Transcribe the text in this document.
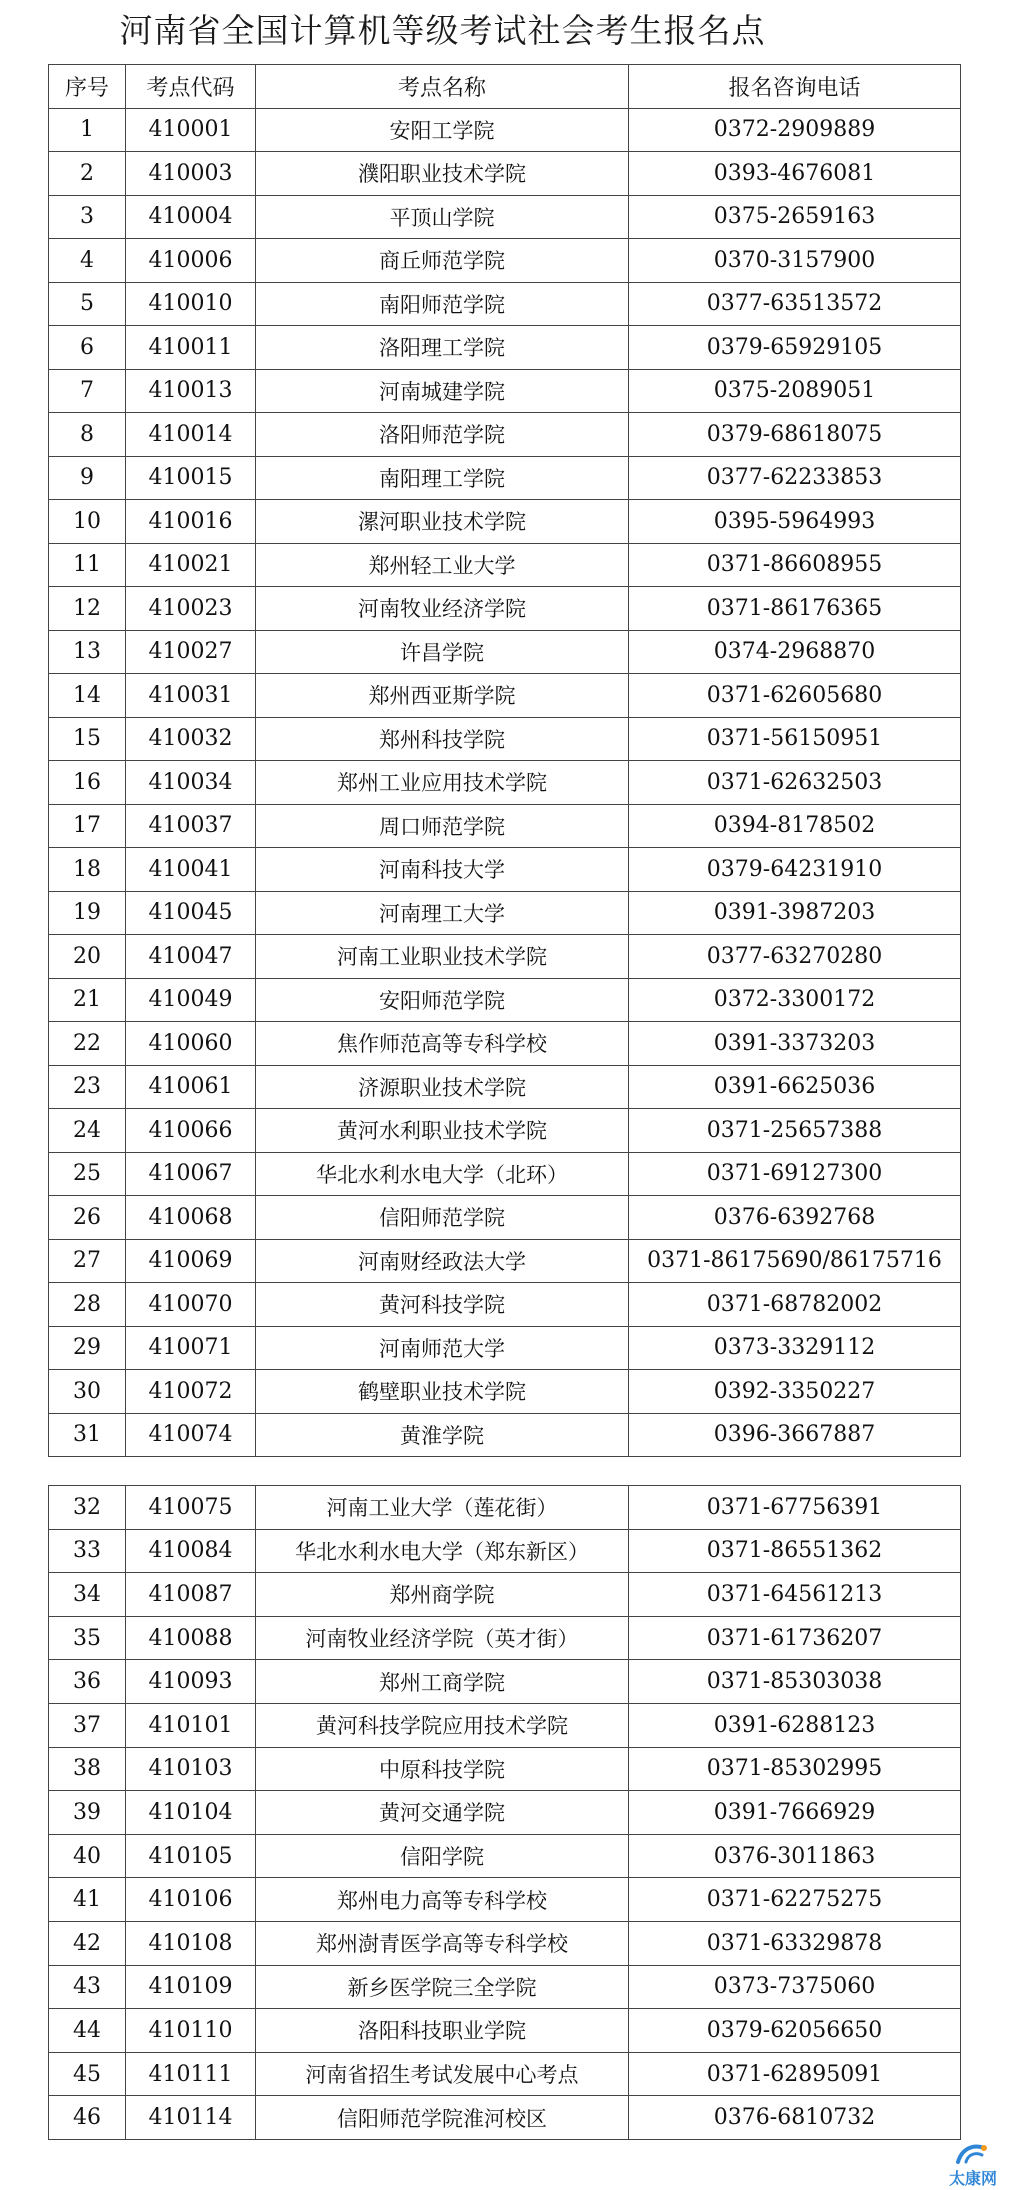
河南省全国计算机等级考试社会考生报名点
序号	考点代码	考点名称	报名咨询电话
1	410001	安阳工学院	0372-2909889
2	410003	濮阳职业技术学院	0393-4676081
3	410004	平顶山学院	0375-2659163
4	410006	商丘师范学院	0370-3157900
5	410010	南阳师范学院	0377-63513572
6	410011	洛阳理工学院	0379-65929105
7	410013	河南城建学院	0375-2089051
8	410014	洛阳师范学院	0379-68618075
9	410015	南阳理工学院	0377-62233853
10	410016	漯河职业技术学院	0395-5964993
11	410021	郑州轻工业大学	0371-86608955
12	410023	河南牧业经济学院	0371-86176365
13	410027	许昌学院	0374-2968870
14	410031	郑州西亚斯学院	0371-62605680
15	410032	郑州科技学院	0371-56150951
16	410034	郑州工业应用技术学院	0371-62632503
17	410037	周口师范学院	0394-8178502
18	410041	河南科技大学	0379-64231910
19	410045	河南理工大学	0391-3987203
20	410047	河南工业职业技术学院	0377-63270280
21	410049	安阳师范学院	0372-3300172
22	410060	焦作师范高等专科学校	0391-3373203
23	410061	济源职业技术学院	0391-6625036
24	410066	黄河水利职业技术学院	0371-25657388
25	410067	华北水利水电大学（北环）	0371-69127300
26	410068	信阳师范学院	0376-6392768
27	410069	河南财经政法大学	0371-86175690/86175716
28	410070	黄河科技学院	0371-68782002
29	410071	河南师范大学	0373-3329112
30	410072	鹤壁职业技术学院	0392-3350227
31	410074	黄淮学院	0396-3667887
32	410075	河南工业大学（莲花街）	0371-67756391
33	410084	华北水利水电大学（郑东新区）	0371-86551362
34	410087	郑州商学院	0371-64561213
35	410088	河南牧业经济学院（英才街）	0371-61736207
36	410093	郑州工商学院	0371-85303038
37	410101	黄河科技学院应用技术学院	0391-6288123
38	410103	中原科技学院	0371-85302995
39	410104	黄河交通学院	0391-7666929
40	410105	信阳学院	0376-3011863
41	410106	郑州电力高等专科学校	0371-62275275
42	410108	郑州澍青医学高等专科学校	0371-63329878
43	410109	新乡医学院三全学院	0373-7375060
44	410110	洛阳科技职业学院	0379-62056650
45	410111	河南省招生考试发展中心考点	0371-62895091
46	410114	信阳师范学院淮河校区	0376-6810732
太康网
